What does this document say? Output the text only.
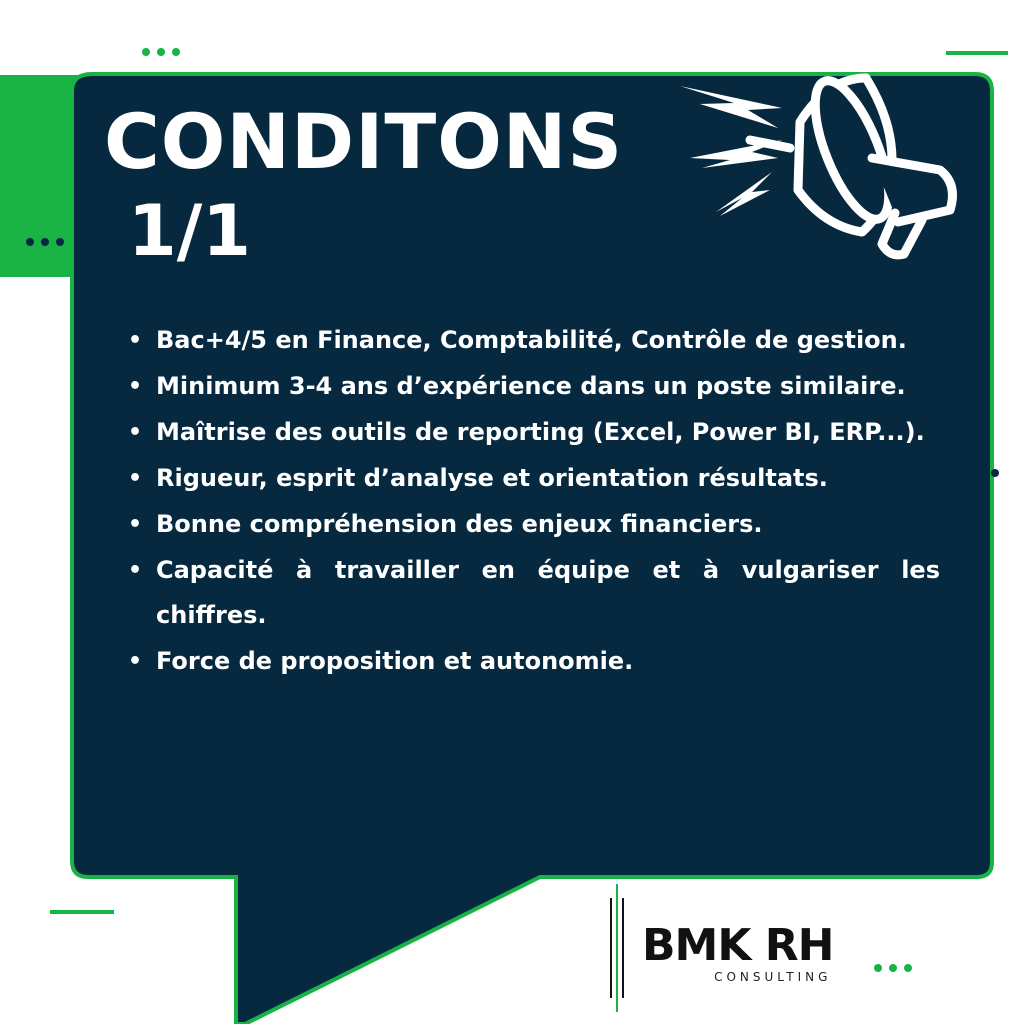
CONDITONS
1/1
• Bac+4/5 en Finance, Comptabilité, Contrôle de gestion.
• Minimum 3-4 ans d’expérience dans un poste similaire.
• Maîtrise des outils de reporting (Excel, Power BI, ERP...).
• Rigueur, esprit d’analyse et orientation résultats.
• Bonne compréhension des enjeux financiers.
• Capacité à travailler en équipe et à vulgariser les chiffres.
• Force de proposition et autonomie.
BMK RH
CONSULTING
